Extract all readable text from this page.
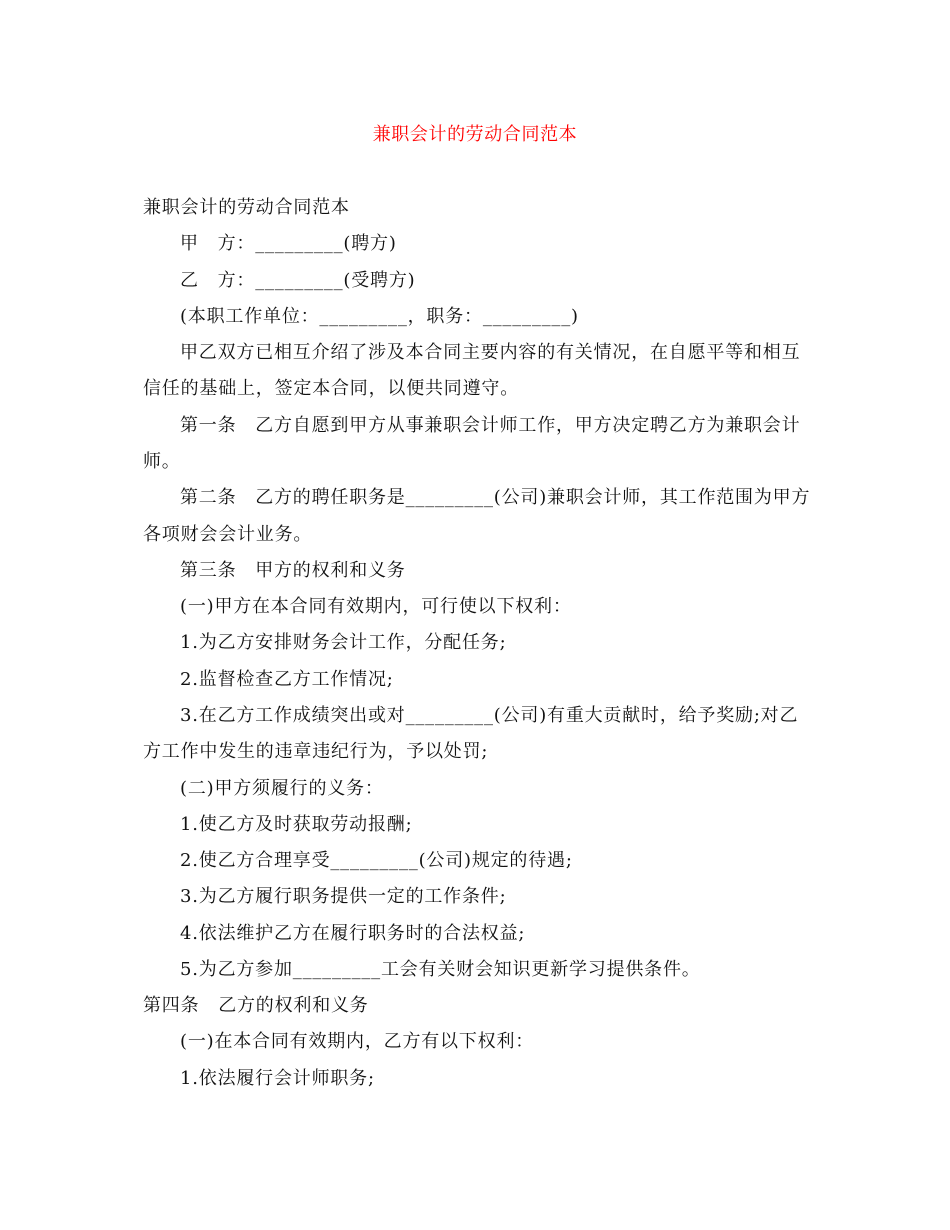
兼职会计的劳动合同范本
兼职会计的劳动合同范本
甲　方：_________(聘方)
乙　方：_________(受聘方)
(本职工作单位：_________，职务：_________)
甲乙双方已相互介绍了涉及本合同主要内容的有关情况，在自愿平等和相互
信任的基础上，签定本合同，以便共同遵守。
第一条　乙方自愿到甲方从事兼职会计师工作，甲方决定聘乙方为兼职会计
师。
第二条　乙方的聘任职务是_________(公司)兼职会计师，其工作范围为甲方
各项财会会计业务。
第三条　甲方的权利和义务
(一)甲方在本合同有效期内，可行使以下权利：
1.为乙方安排财务会计工作，分配任务;
2.监督检查乙方工作情况;
3.在乙方工作成绩突出或对_________(公司)有重大贡献时，给予奖励;对乙
方工作中发生的违章违纪行为，予以处罚;
(二)甲方须履行的义务：
1.使乙方及时获取劳动报酬;
2.使乙方合理享受_________(公司)规定的待遇;
3.为乙方履行职务提供一定的工作条件;
4.依法维护乙方在履行职务时的合法权益;
5.为乙方参加_________工会有关财会知识更新学习提供条件。
第四条　乙方的权利和义务
(一)在本合同有效期内，乙方有以下权利：
1.依法履行会计师职务;
